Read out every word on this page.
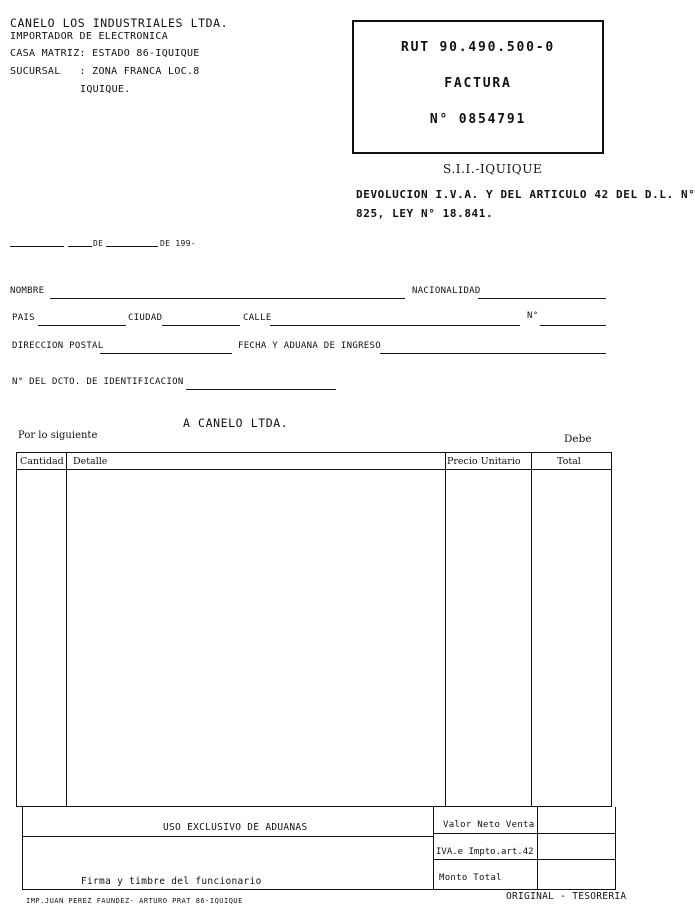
CANELO LOS INDUSTRIALES LTDA.
IMPORTADOR DE ELECTRONICA
CASA MATRIZ: ESTADO 86-IQUIQUE
SUCURSAL   : ZONA FRANCA LOC.8
IQUIQUE.
RUT 90.490.500-0
FACTURA
N° 0854791
S.I.I.-IQUIQUE
DEVOLUCION I.V.A. Y DEL ARTICULO 42 DEL D.L. N°
825, LEY N° 18.841.
DE	DE 199-
NOMBRE	NACIONALIDAD
PAIS	CIUDAD	CALLE	N°
DIRECCION POSTAL	FECHA Y ADUANA DE INGRESO
N° DEL DCTO. DE IDENTIFICACION
A CANELO LTDA.
Por lo siguiente	Debe
Cantidad Detalle	Precio Unitario	Total
USO EXCLUSIVO DE ADUANAS
Firma y timbre del funcionario
Valor Neto Venta
IVA.e Impto.art.42
Monto Total
IMP.JUAN PEREZ FAUNDEZ- ARTURO PRAT 86-IQUIQUE	ORIGINAL - TESORERIA
